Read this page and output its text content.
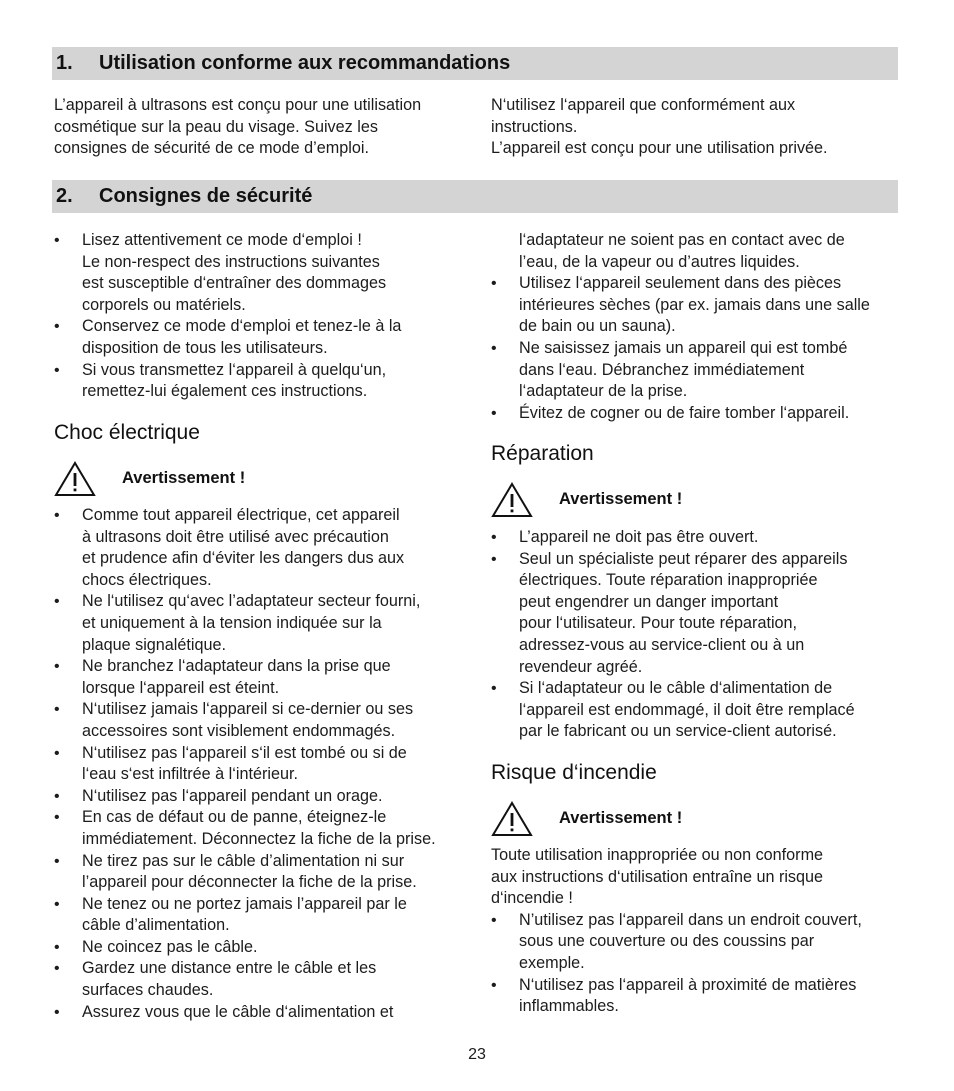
1. Utilisation conforme aux recommandations
L’appareil à ultrasons est conçu pour une utilisation
cosmétique sur la peau du visage. Suivez les
consignes de sécurité de ce mode d’emploi.
N‘utilisez l‘appareil que conformément aux
instructions.
L’appareil est conçu pour une utilisation privée.
2. Consignes de sécurité
• Lisez attentivement ce mode d‘emploi !
Le non-respect des instructions suivantes
est susceptible d‘entraîner des dommages
corporels ou matériels.
• Conservez ce mode d‘emploi et tenez-le à la
disposition de tous les utilisateurs.
• Si vous transmettez l‘appareil à quelqu‘un,
remettez-lui également ces instructions.
Choc électrique
Avertissement !
• Comme tout appareil électrique, cet appareil
à ultrasons doit être utilisé avec précaution
et prudence afin d‘éviter les dangers dus aux
chocs électriques.
• Ne l‘utilisez qu‘avec l’adaptateur secteur fourni,
et uniquement à la tension indiquée sur la
plaque signalétique.
• Ne branchez l‘adaptateur dans la prise que
lorsque l‘appareil est éteint.
• N‘utilisez jamais l‘appareil si ce-dernier ou ses
accessoires sont visiblement endommagés.
• N‘utilisez pas l‘appareil s‘il est tombé ou si de
l‘eau s‘est infiltrée à l‘intérieur.
• N‘utilisez pas l‘appareil pendant un orage.
• En cas de défaut ou de panne, éteignez-le
immédiatement. Déconnectez la fiche de la prise.
• Ne tirez pas sur le câble d’alimentation ni sur
l’appareil pour déconnecter la fiche de la prise.
• Ne tenez ou ne portez jamais l’appareil par le
câble d’alimentation.
• Ne coincez pas le câble.
• Gardez une distance entre le câble et les
surfaces chaudes.
• Assurez vous que le câble d‘alimentation et
l‘adaptateur ne soient pas en contact avec de
l’eau, de la vapeur ou d’autres liquides.
• Utilisez l‘appareil seulement dans des pièces
intérieures sèches (par ex. jamais dans une salle
de bain ou un sauna).
• Ne saisissez jamais un appareil qui est tombé
dans l‘eau. Débranchez immédiatement
l‘adaptateur de la prise.
• Évitez de cogner ou de faire tomber l‘appareil.
Réparation
Avertissement !
• L’appareil ne doit pas être ouvert.
• Seul un spécialiste peut réparer des appareils
électriques. Toute réparation inappropriée
peut engendrer un danger important
pour l‘utilisateur. Pour toute réparation,
adressez-vous au service-client ou à un
revendeur agréé.
• Si l‘adaptateur ou le câble d‘alimentation de
l‘appareil est endommagé, il doit être remplacé
par le fabricant ou un service-client autorisé.
Risque d‘incendie
Avertissement !
Toute utilisation inappropriée ou non conforme
aux instructions d‘utilisation entraîne un risque
d‘incendie !
• N’utilisez pas l‘appareil dans un endroit couvert,
sous une couverture ou des coussins par
exemple.
• N‘utilisez pas l‘appareil à proximité de matières
inflammables.
23
